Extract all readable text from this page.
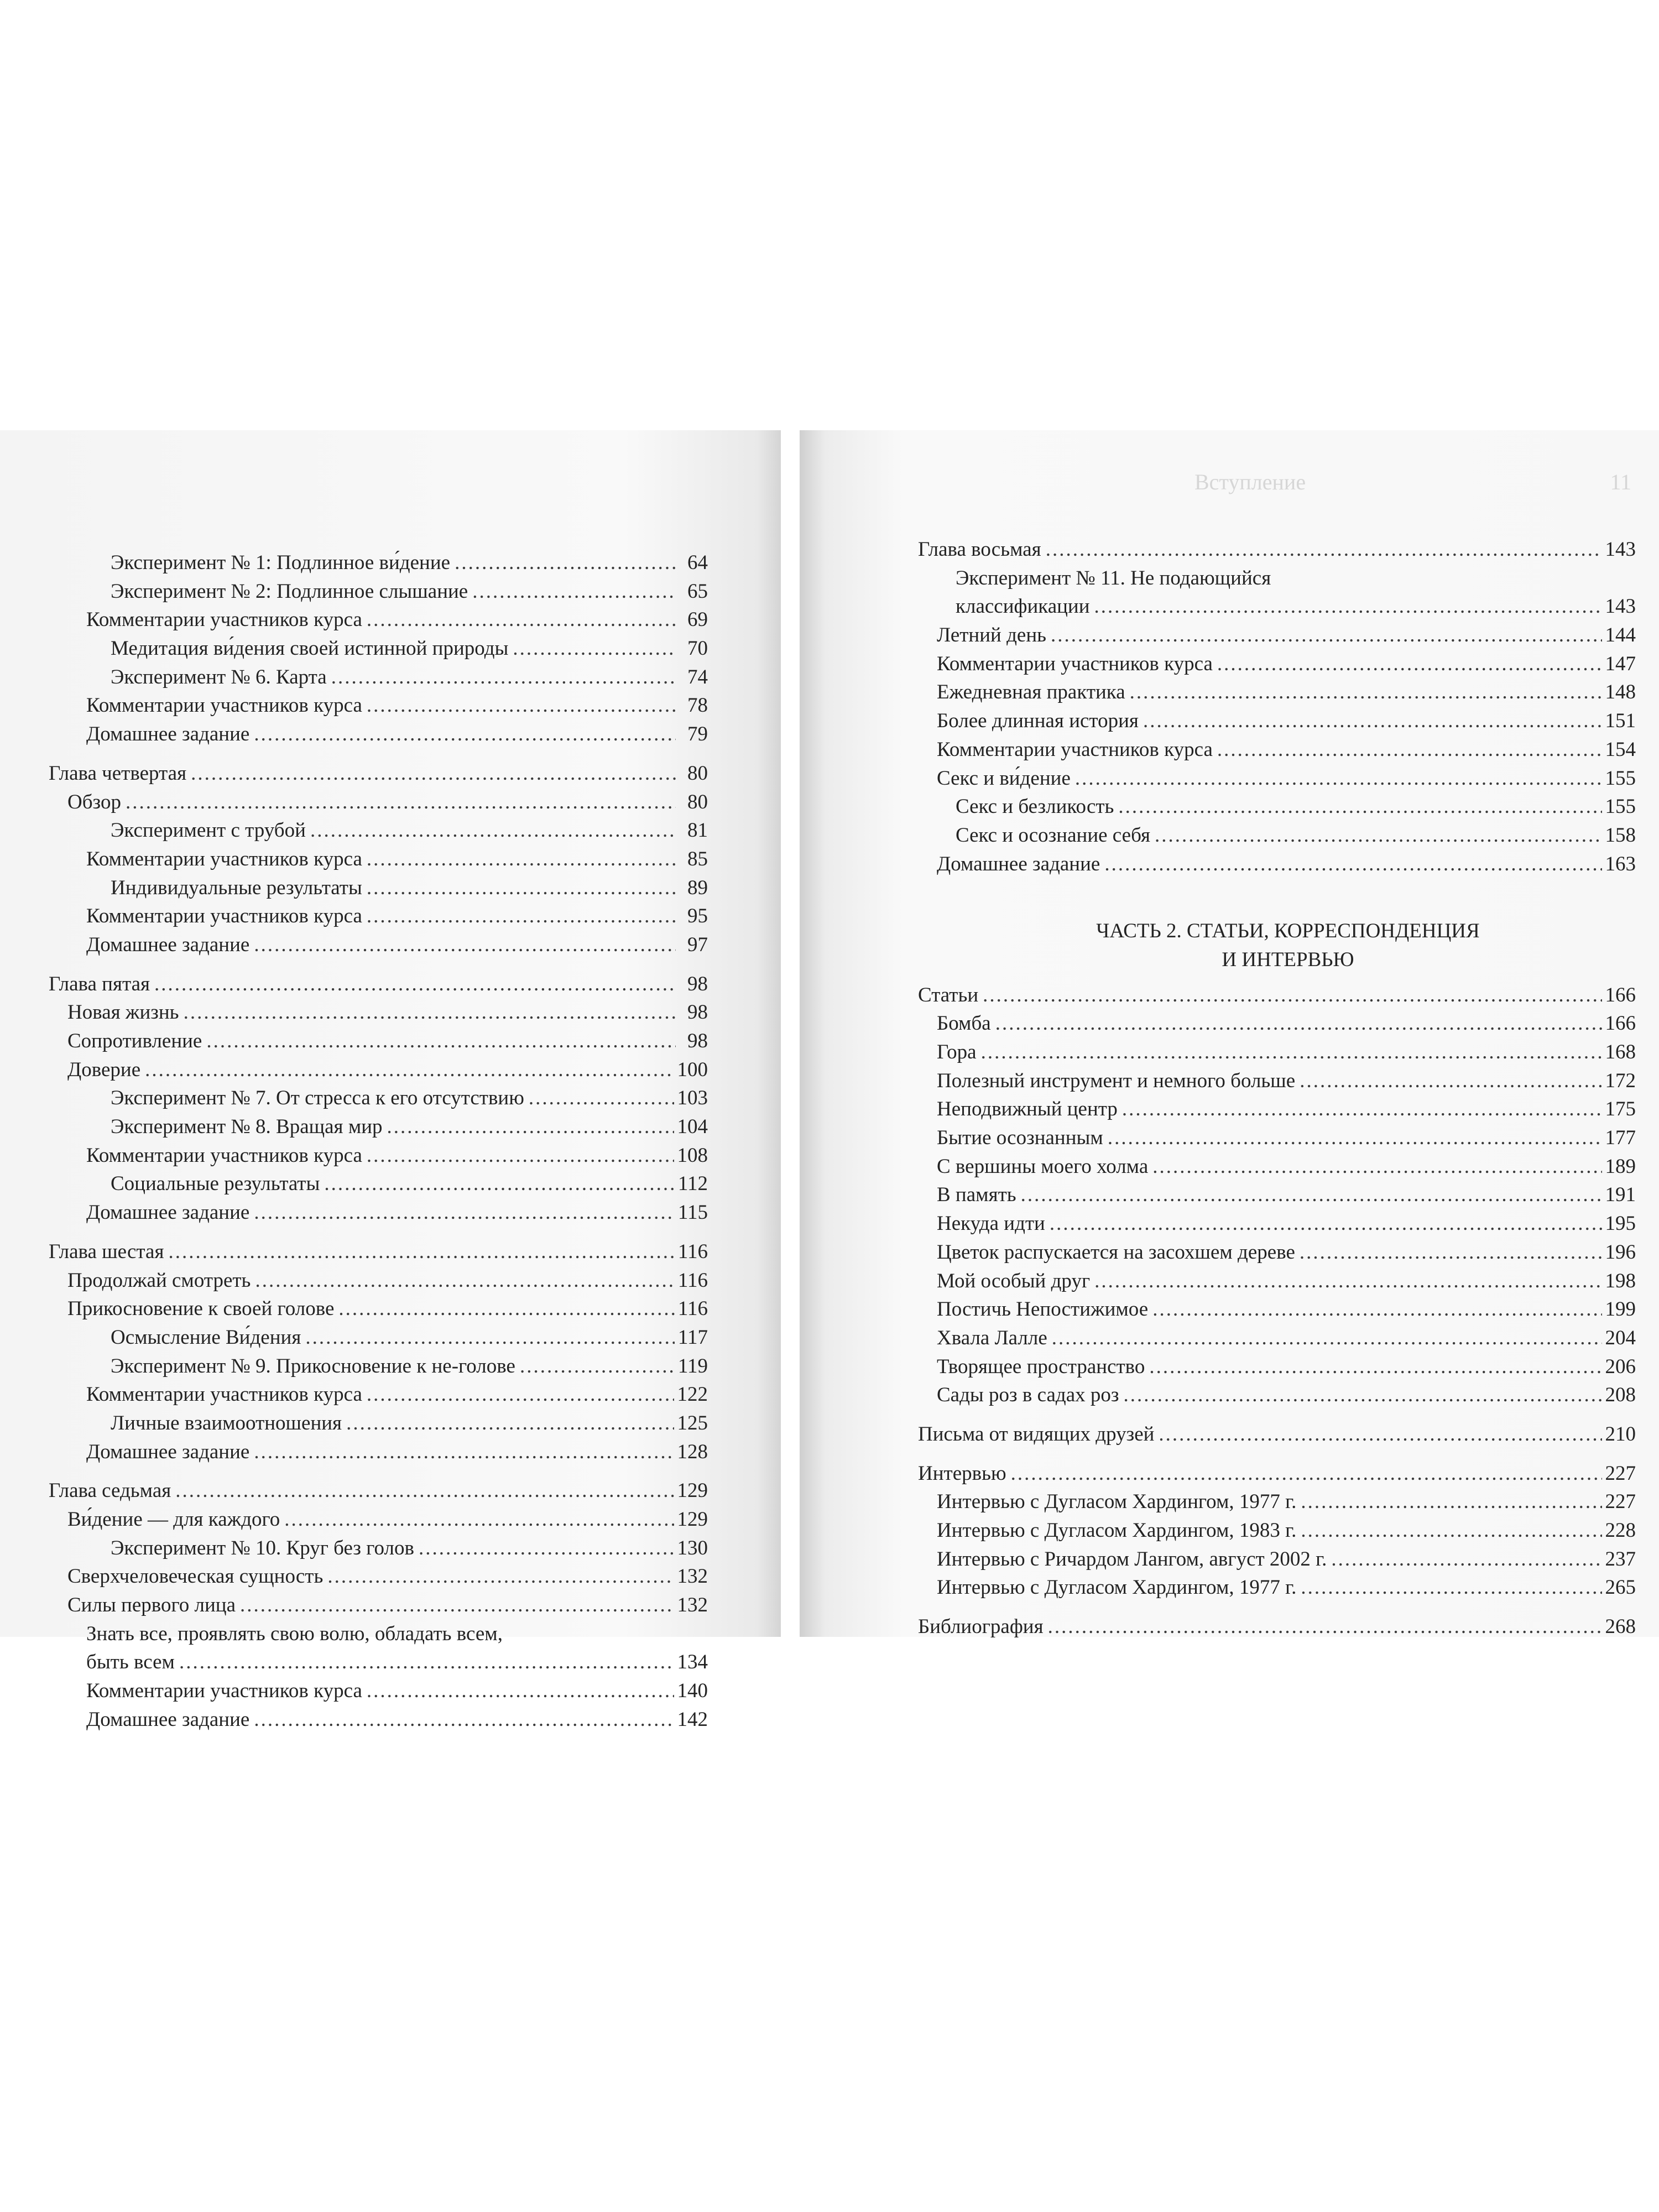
Вступление	11
Эксперимент № 1: Подлинное ви́дение .....	64
Эксперимент № 2: Подлинное слышание .....	65
Комментарии участников курса .....	69
Медитация ви́дения своей истинной природы .....	70
Эксперимент № 6. Карта .....	74
Комментарии участников курса .....	78
Домашнее задание .....	79
Глава четвертая .....	80
Обзор .....	80
Эксперимент с трубой .....	81
Комментарии участников курса .....	85
Индивидуальные результаты .....	89
Комментарии участников курса .....	95
Домашнее задание .....	97
Глава пятая .....	98
Новая жизнь .....	98
Сопротивление .....	98
Доверие .....	100
Эксперимент № 7. От стресса к его отсутствию .....	103
Эксперимент № 8. Вращая мир .....	104
Комментарии участников курса .....	108
Социальные результаты .....	112
Домашнее задание .....	115
Глава шестая .....	116
Продолжай смотреть .....	116
Прикосновение к своей голове .....	116
Осмысление Ви́дения .....	117
Эксперимент № 9. Прикосновение к не-голове .....	119
Комментарии участников курса .....	122
Личные взаимоотношения .....	125
Домашнее задание .....	128
Глава седьмая .....	129
Ви́дение — для каждого .....	129
Эксперимент № 10. Круг без голов .....	130
Сверхчеловеческая сущность .....	132
Силы первого лица .....	132
Знать все, проявлять свою волю, обладать всем,
быть всем .....	134
Комментарии участников курса .....	140
Домашнее задание .....	142
Глава восьмая .....	143
Эксперимент № 11. Не подающийся
классификации .....	143
Летний день .....	144
Комментарии участников курса .....	147
Ежедневная практика .....	148
Более длинная история .....	151
Комментарии участников курса .....	154
Секс и ви́дение .....	155
Секс и безликость .....	155
Секс и осознание себя .....	158
Домашнее задание .....	163
ЧАСТЬ 2. СТАТЬИ, КОРРЕСПОНДЕНЦИЯ
И ИНТЕРВЬЮ
Статьи .....	166
Бомба .....	166
Гора .....	168
Полезный инструмент и немного больше .....	172
Неподвижный центр .....	175
Бытие осознанным .....	177
С вершины моего холма .....	189
В память .....	191
Некуда идти .....	195
Цветок распускается на засохшем дереве .....	196
Мой особый друг .....	198
Постичь Непостижимое .....	199
Хвала Лалле .....	204
Творящее пространство .....	206
Сады роз в садах роз .....	208
Письма от видящих друзей .....	210
Интервью .....	227
Интервью с Дугласом Хардингом, 1977 г. .....	227
Интервью с Дугласом Хардингом, 1983 г. .....	228
Интервью с Ричардом Лангом, август 2002 г. .....	237
Интервью с Дугласом Хардингом, 1977 г. .....	265
Библиография .....	268
